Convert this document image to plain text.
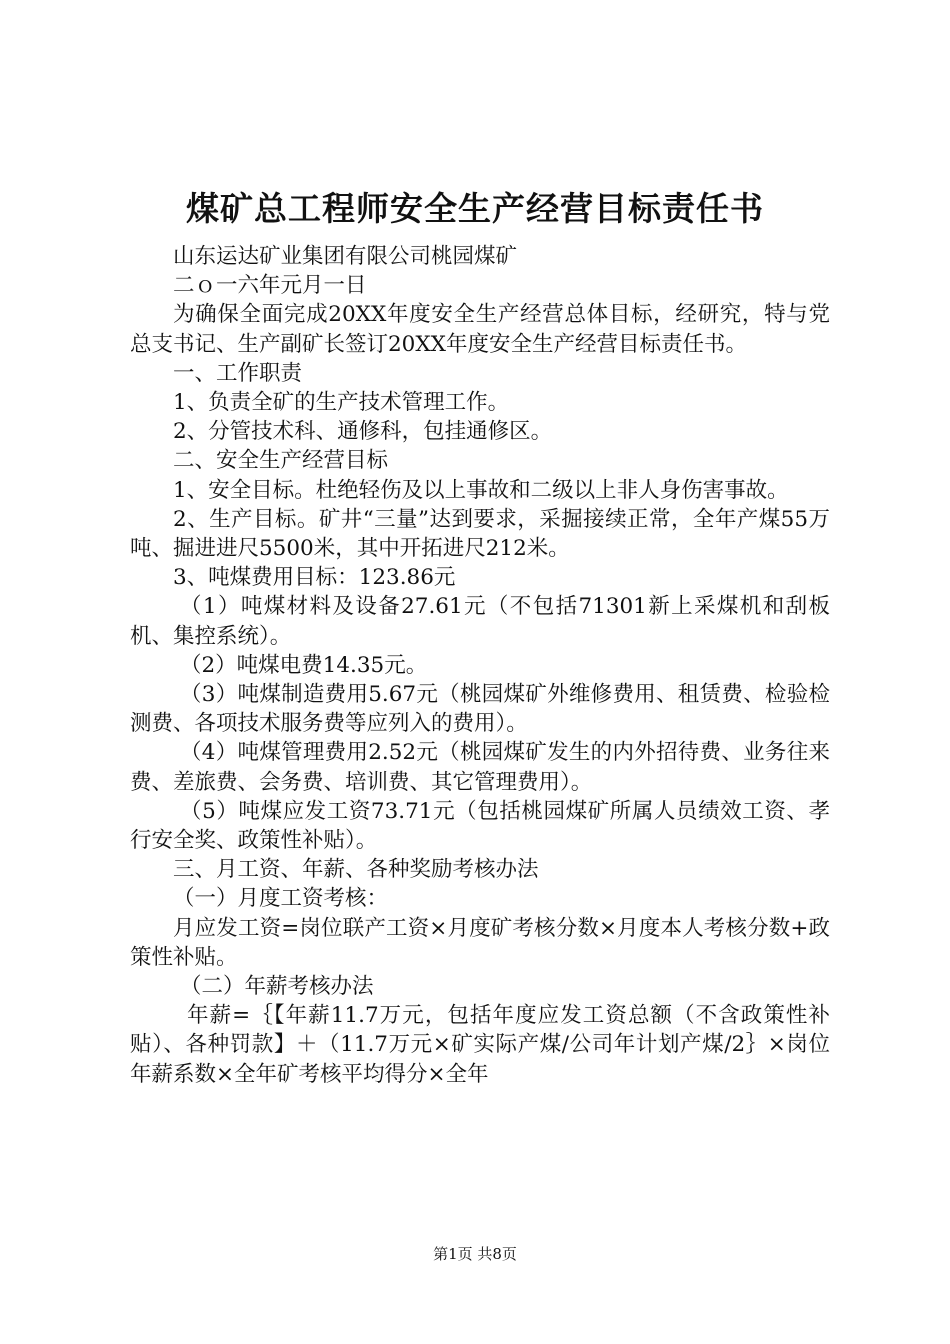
煤矿总工程师安全生产经营目标责任书

山东运达矿业集团有限公司桃园煤矿

二ｏ一六年元月一日

为确保全面完成20XX年度安全生产经营总体目标，经研究，特与党总支书记、生产副矿长签订20XX年度安全生产经营目标责任书。

一、工作职责

1、负责全矿的生产技术管理工作。

2、分管技术科、通修科，包挂通修区。

二、安全生产经营目标

1、安全目标。杜绝轻伤及以上事故和二级以上非人身伤害事故。

2、生产目标。矿井“三量”达到要求，采掘接续正常，全年产煤55万吨、掘进进尺5500米，其中开拓进尺212米。

3、吨煤费用目标：123.86元

（1）吨煤材料及设备27.61元（不包括71301新上采煤机和刮板机、集控系统）。

（2）吨煤电费14.35元。

（3）吨煤制造费用5.67元（桃园煤矿外维修费用、租赁费、检验检测费、各项技术服务费等应列入的费用）。

（4）吨煤管理费用2.52元（桃园煤矿发生的内外招待费、业务往来费、差旅费、会务费、培训费、其它管理费用）。

（5）吨煤应发工资73.71元（包括桃园煤矿所属人员绩效工资、孝行安全奖、政策性补贴）。

三、月工资、年薪、各种奖励考核办法

（一）月度工资考核：

月应发工资=岗位联产工资×月度矿考核分数×月度本人考核分数+政策性补贴。

（二）年薪考核办法

年薪=｛【年薪11.7万元，包括年度应发工资总额（不含政策性补贴）、各种罚款】＋（11.7万元×矿实际产煤/公司年计划产煤/2｝×岗位年薪系数×全年矿考核平均得分×全年

第1页 共8页
